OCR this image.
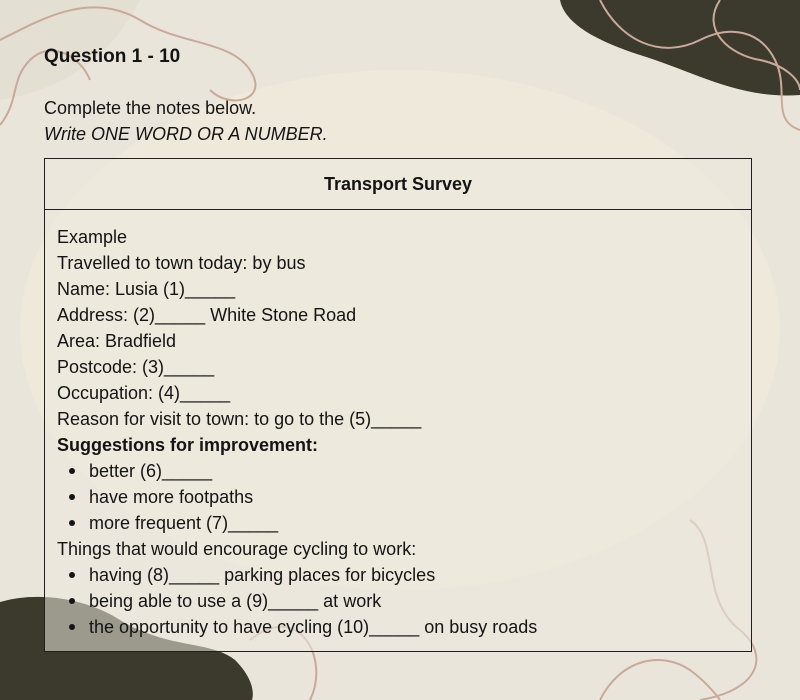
Question 1 - 10
Complete the notes below.
Write ONE WORD OR A NUMBER.
Transport Survey
Example
Travelled to town today: by bus
Name: Lusia (1)_____
Address: (2)_____ White Stone Road
Area: Bradfield
Postcode: (3)_____
Occupation: (4)_____
Reason for visit to town: to go to the (5)_____
Suggestions for improvement:
better (6)_____
have more footpaths
more frequent (7)_____
Things that would encourage cycling to work:
having (8)_____ parking places for bicycles
being able to use a (9)_____ at work
the opportunity to have cycling (10)_____ on busy roads
